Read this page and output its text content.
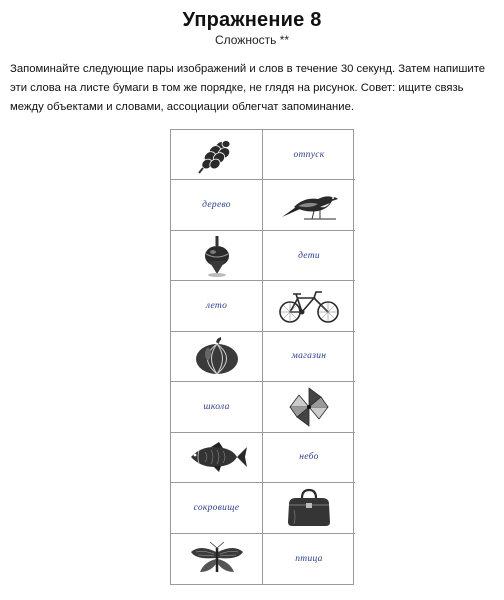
Упражнение 8
Сложность **
Запоминайте следующие пары изображений и слов в течение 30 секунд. Затем напишите эти слова на листе бумаги в том же порядке, не глядя на рисунок. Совет: ищите связь между объектами и словами, ассоциации облегчат запоминание.
отпуск
дерево
дети
лето
магазин
школа
небо
сокровище
птица
